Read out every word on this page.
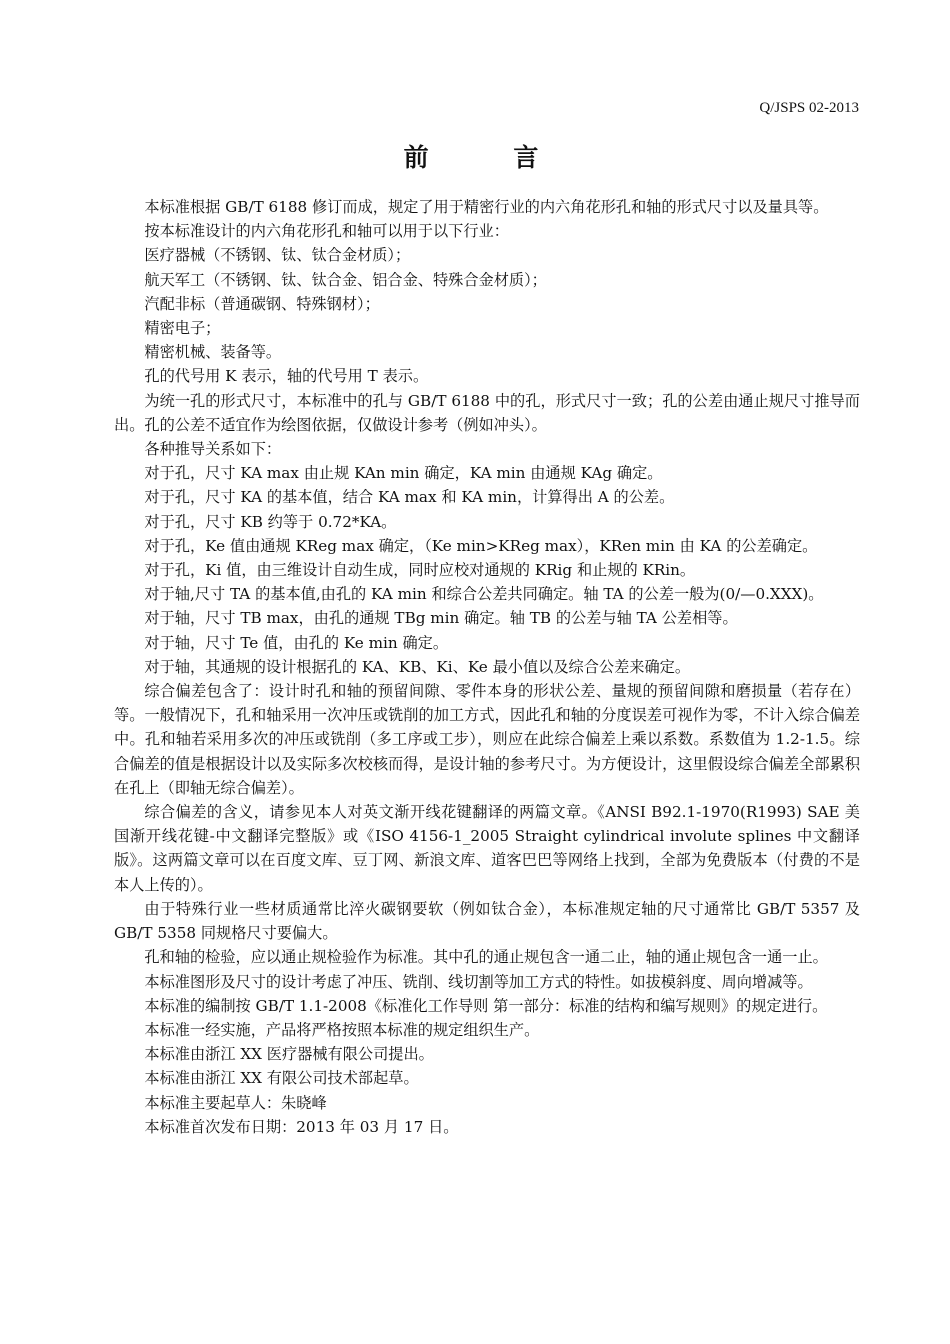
Q/JSPS 02-2013
前 言

本标准根据 GB/T 6188 修订而成，规定了用于精密行业的内六角花形孔和轴的形式尺寸以及量具等。

按本标准设计的内六角花形孔和轴可以用于以下行业：

医疗器械（不锈钢、钛、钛合金材质）；

航天军工（不锈钢、钛、钛合金、铝合金、特殊合金材质）；

汽配非标（普通碳钢、特殊钢材）；

精密电子；

精密机械、装备等。

孔的代号用 K 表示，轴的代号用 T 表示。

为统一孔的形式尺寸，本标准中的孔与 GB/T 6188 中的孔，形式尺寸一致；孔的公差由通止规尺寸推导而出。孔的公差不适宜作为绘图依据，仅做设计参考（例如冲头）。

各种推导关系如下：

对于孔，尺寸 KA max 由止规 KAn min 确定，KA min 由通规 KAg 确定。

对于孔，尺寸 KA 的基本值，结合 KA max 和 KA min，计算得出 A 的公差。

对于孔，尺寸 KB 约等于 0.72*KA。

对于孔，Ke 值由通规 KReg max 确定，（Ke min>KReg max），KRen min 由 KA 的公差确定。

对于孔，Ki 值，由三维设计自动生成，同时应校对通规的 KRig 和止规的 KRin。

对于轴,尺寸 TA 的基本值,由孔的 KA min 和综合公差共同确定。轴 TA 的公差一般为(0/—0.XXX)。

对于轴，尺寸 TB max，由孔的通规 TBg min 确定。轴 TB 的公差与轴 TA 公差相等。

对于轴，尺寸 Te 值，由孔的 Ke min 确定。

对于轴，其通规的设计根据孔的 KA、KB、Ki、Ke 最小值以及综合公差来确定。

综合偏差包含了：设计时孔和轴的预留间隙、零件本身的形状公差、量规的预留间隙和磨损量（若存在）等。一般情况下，孔和轴采用一次冲压或铣削的加工方式，因此孔和轴的分度误差可视作为零，不计入综合偏差中。孔和轴若采用多次的冲压或铣削（多工序或工步），则应在此综合偏差上乘以系数。系数值为 1.2-1.5。综合偏差的值是根据设计以及实际多次校核而得，是设计轴的参考尺寸。为方便设计，这里假设综合偏差全部累积在孔上（即轴无综合偏差）。

综合偏差的含义，请参见本人对英文渐开线花键翻译的两篇文章。《ANSI B92.1-1970(R1993) SAE 美国渐开线花键-中文翻译完整版》或《ISO 4156-1_2005 Straight cylindrical involute splines 中文翻译版》。这两篇文章可以在百度文库、豆丁网、新浪文库、道客巴巴等网络上找到，全部为免费版本（付费的不是本人上传的）。

由于特殊行业一些材质通常比淬火碳钢要软（例如钛合金），本标准规定轴的尺寸通常比 GB/T 5357 及 GB/T 5358 同规格尺寸要偏大。

孔和轴的检验，应以通止规检验作为标准。其中孔的通止规包含一通二止，轴的通止规包含一通一止。

本标准图形及尺寸的设计考虑了冲压、铣削、线切割等加工方式的特性。如拔模斜度、周向增减等。

本标准的编制按 GB/T 1.1-2008《标准化工作导则 第一部分：标准的结构和编写规则》的规定进行。

本标准一经实施，产品将严格按照本标准的规定组织生产。

本标准由浙江 XX 医疗器械有限公司提出。

本标准由浙江 XX 有限公司技术部起草。

本标准主要起草人：朱晓峰

本标准首次发布日期：2013 年 03 月 17 日。
